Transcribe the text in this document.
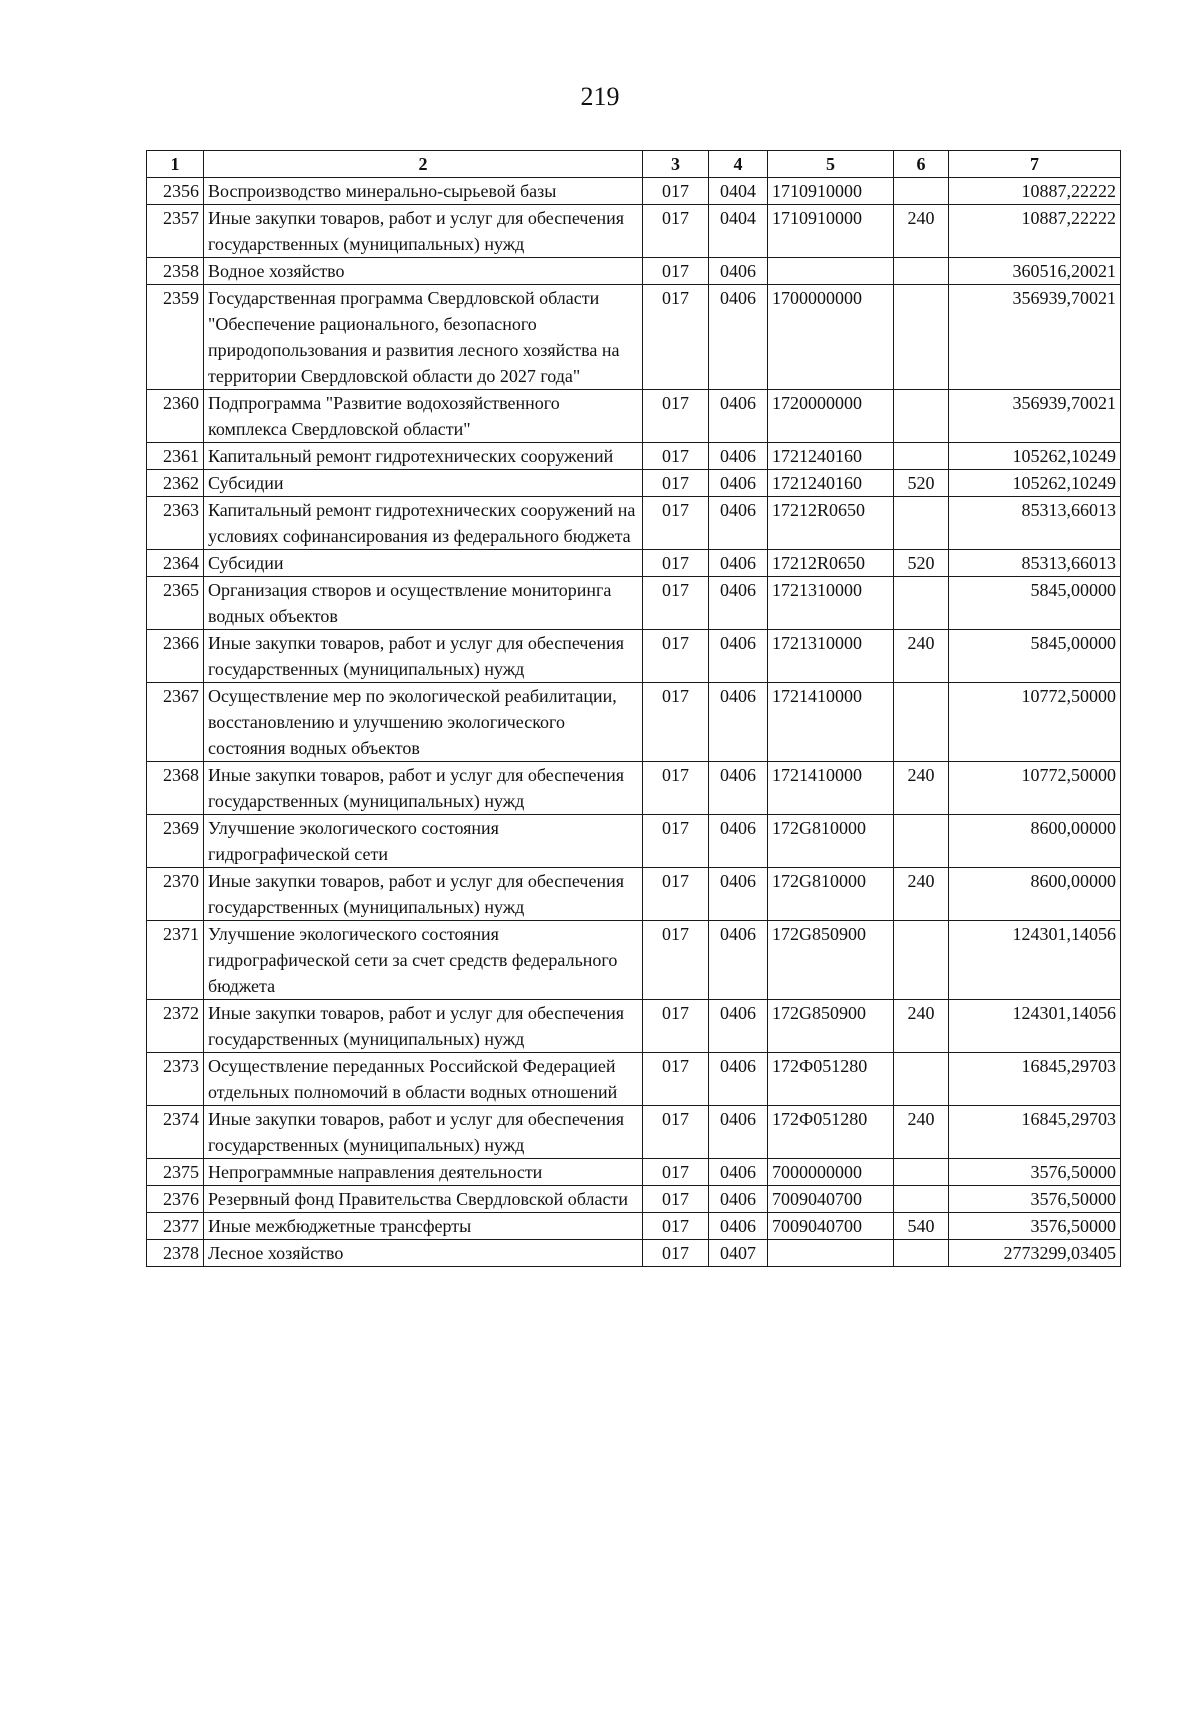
219
1	2	3	4	5	6	7
2356	Воспроизводство минерально-сырьевой базы	017	0404	1710910000		10887,22222
2357	Иные закупки товаров, работ и услуг для обеспечения государственных (муниципальных) нужд	017	0404	1710910000	240	10887,22222
2358	Водное хозяйство	017	0406			360516,20021
2359	Государственная программа Свердловской области "Обеспечение рационального, безопасного природопользования и развития лесного хозяйства на территории Свердловской области до 2027 года"	017	0406	1700000000		356939,70021
2360	Подпрограмма "Развитие водохозяйственного комплекса Свердловской области"	017	0406	1720000000		356939,70021
2361	Капитальный ремонт гидротехнических сооружений	017	0406	1721240160		105262,10249
2362	Субсидии	017	0406	1721240160	520	105262,10249
2363	Капитальный ремонт гидротехнических сооружений на условиях софинансирования из федерального бюджета	017	0406	17212R0650		85313,66013
2364	Субсидии	017	0406	17212R0650	520	85313,66013
2365	Организация створов и осуществление мониторинга водных объектов	017	0406	1721310000		5845,00000
2366	Иные закупки товаров, работ и услуг для обеспечения государственных (муниципальных) нужд	017	0406	1721310000	240	5845,00000
2367	Осуществление мер по экологической реабилитации, восстановлению и улучшению экологического состояния водных объектов	017	0406	1721410000		10772,50000
2368	Иные закупки товаров, работ и услуг для обеспечения государственных (муниципальных) нужд	017	0406	1721410000	240	10772,50000
2369	Улучшение экологического состояния гидрографической сети	017	0406	172G810000		8600,00000
2370	Иные закупки товаров, работ и услуг для обеспечения государственных (муниципальных) нужд	017	0406	172G810000	240	8600,00000
2371	Улучшение экологического состояния гидрографической сети за счет средств федерального бюджета	017	0406	172G850900		124301,14056
2372	Иные закупки товаров, работ и услуг для обеспечения государственных (муниципальных) нужд	017	0406	172G850900	240	124301,14056
2373	Осуществление переданных Российской Федерацией отдельных полномочий в области водных отношений	017	0406	172Ф051280		16845,29703
2374	Иные закупки товаров, работ и услуг для обеспечения государственных (муниципальных) нужд	017	0406	172Ф051280	240	16845,29703
2375	Непрограммные направления деятельности	017	0406	7000000000		3576,50000
2376	Резервный фонд Правительства Свердловской области	017	0406	7009040700		3576,50000
2377	Иные межбюджетные трансферты	017	0406	7009040700	540	3576,50000
2378	Лесное хозяйство	017	0407			2773299,03405
